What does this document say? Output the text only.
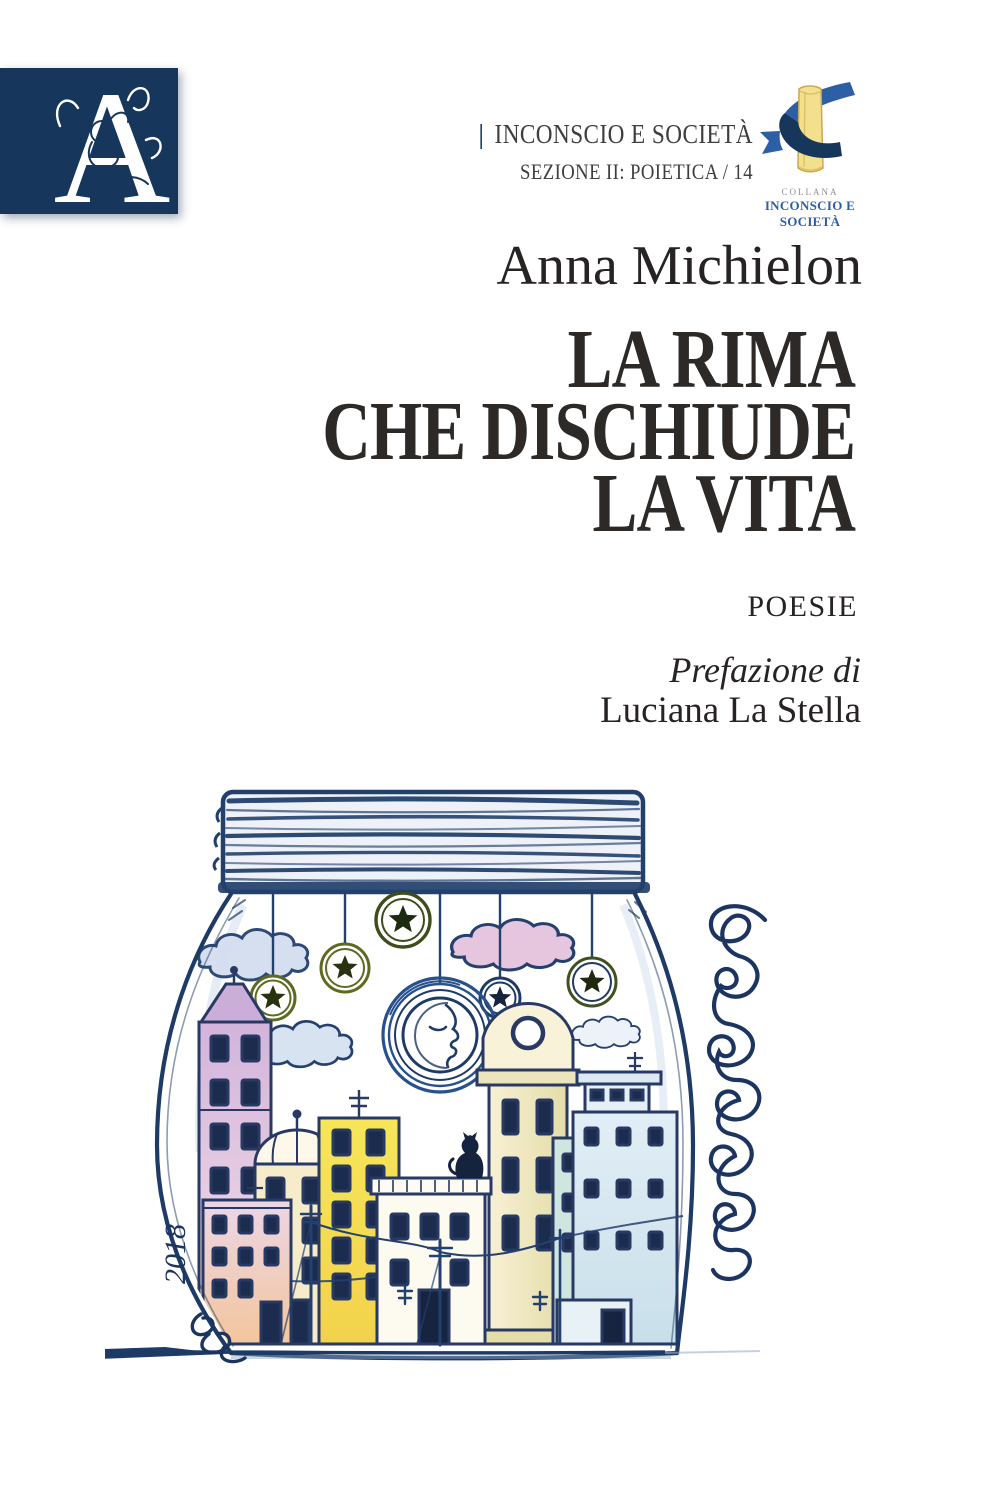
A	| INCONSCIO E SOCIETÀ
SEZIONE II: POIETICA / 14
COLLANA
INCONSCIO E SOCIETÀ
Anna Michielon
LA RIMA
CHE DISCHIUDE
LA VITA
POESIE
Prefazione di
Luciana La Stella
2018
